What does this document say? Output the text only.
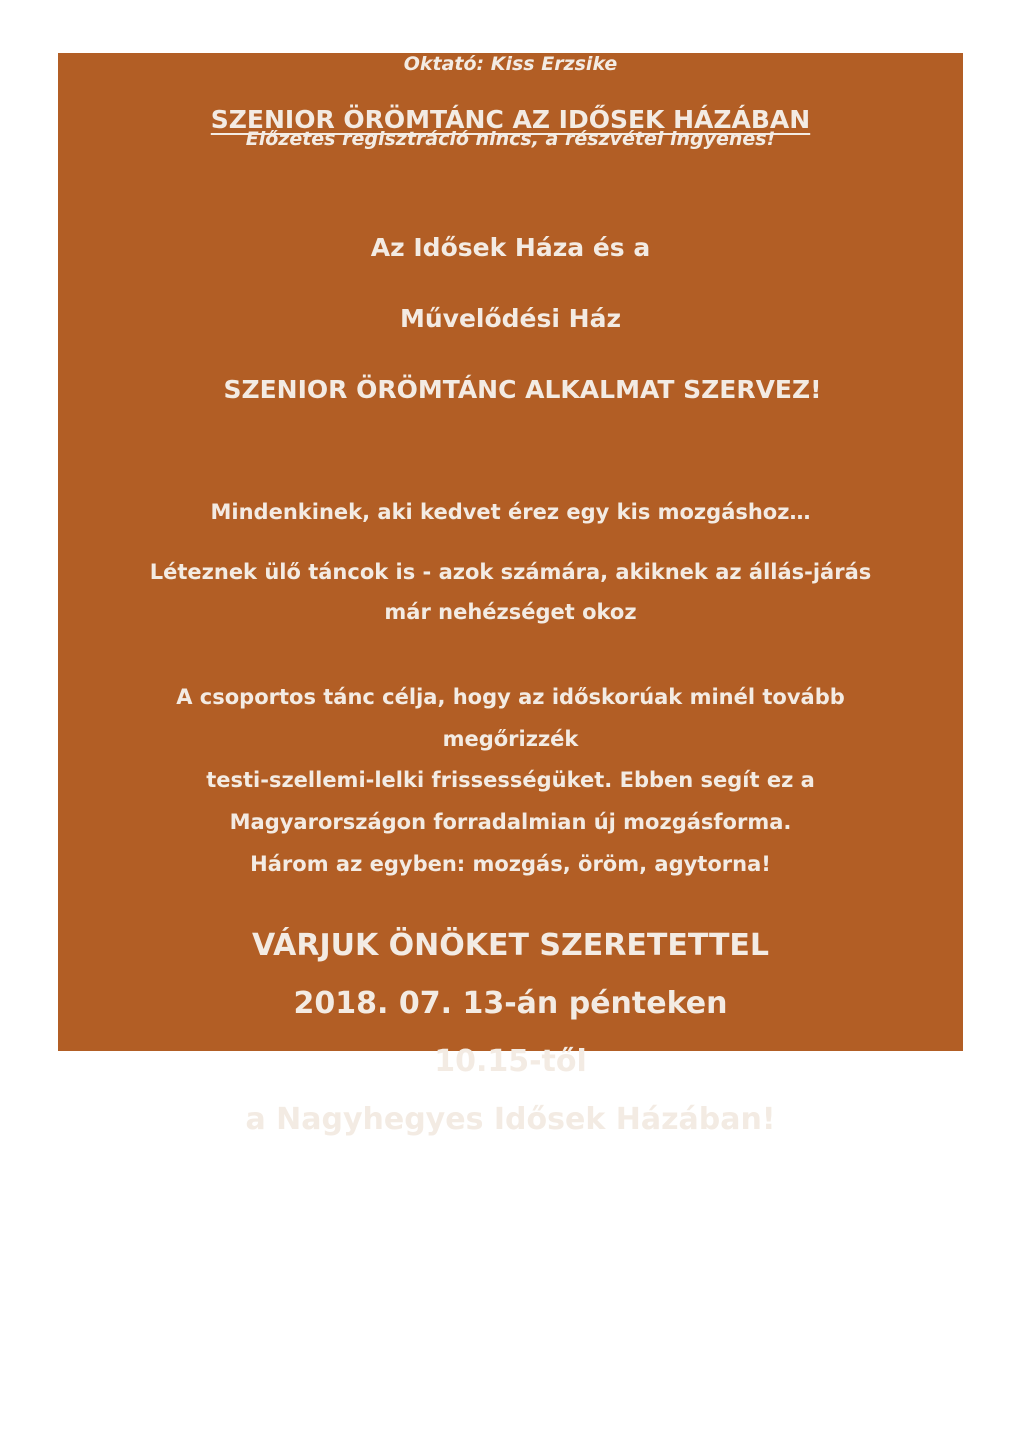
SZENIOR ÖRÖMTÁNC AZ IDŐSEK HÁZÁBAN

Az Idősek Háza és a

Művelődési Ház

SZENIOR ÖRÖMTÁNC ALKALMAT SZERVEZ!

Mindenkinek, aki kedvet érez egy kis mozgáshoz…

Léteznek ülő táncok is - azok számára, akiknek az állás-járás

már nehézséget okoz

A csoportos tánc célja, hogy az időskorúak minél tovább

megőrizzék

testi-szellemi-lelki frissességüket. Ebben segít ez a

Magyarországon forradalmian új mozgásforma.

Három az egyben: mozgás, öröm, agytorna!

VÁRJUK ÖNÖKET SZERETETTEL

2018. 07. 13-án pénteken

10.15-től

a Nagyhegyes Idősek Házában!

Oktató: Kiss Erzsike

Előzetes regisztráció nincs, a részvétel ingyenes!
